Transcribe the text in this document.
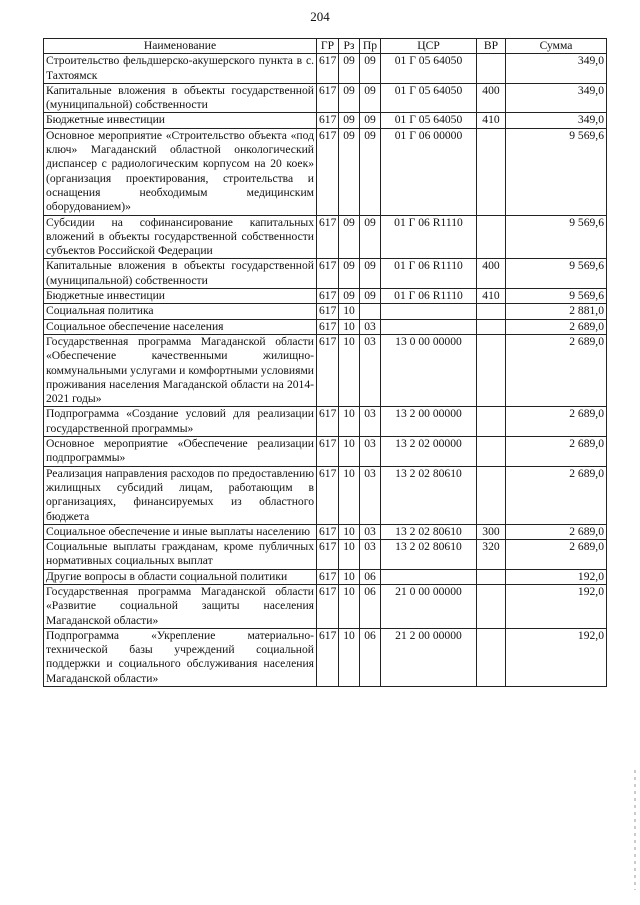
204
Наименование	ГР	Рз	Пр	ЦСР	ВР	Сумма
Строительство фельдшерско-акушерского пункта в с. Тахтоямск	617	09	09	01 Г 05 64050		349,0
Капитальные вложения в объекты государственной (муниципальной) собственности	617	09	09	01 Г 05 64050	400	349,0
Бюджетные инвестиции	617	09	09	01 Г 05 64050	410	349,0
Основное мероприятие «Строительство объекта «под ключ» Магаданский областной онкологический диспансер с радиологическим корпусом на 20 коек» (организация проектирования, строительства и оснащения необходимым медицинским оборудованием)»	617	09	09	01 Г 06 00000		9 569,6
Субсидии на софинансирование капитальных вложений в объекты государственной собственности субъектов Российской Федерации	617	09	09	01 Г 06 R1110		9 569,6
Капитальные вложения в объекты государственной (муниципальной) собственности	617	09	09	01 Г 06 R1110	400	9 569,6
Бюджетные инвестиции	617	09	09	01 Г 06 R1110	410	9 569,6
Социальная политика	617	10				2 881,0
Социальное обеспечение населения	617	10	03			2 689,0
Государственная программа Магаданской области «Обеспечение качественными жилищно-коммунальными услугами и комфортными условиями проживания населения Магаданской области на 2014-2021 годы»	617	10	03	13 0 00 00000		2 689,0
Подпрограмма «Создание условий для реализации государственной программы»	617	10	03	13 2 00 00000		2 689,0
Основное мероприятие «Обеспечение реализации подпрограммы»	617	10	03	13 2 02 00000		2 689,0
Реализация направления расходов по предоставлению жилищных субсидий лицам, работающим в организациях, финансируемых из областного бюджета	617	10	03	13 2 02 80610		2 689,0
Социальное обеспечение и иные выплаты населению	617	10	03	13 2 02 80610	300	2 689,0
Социальные выплаты гражданам, кроме публичных нормативных социальных выплат	617	10	03	13 2 02 80610	320	2 689,0
Другие вопросы в области социальной политики	617	10	06			192,0
Государственная программа Магаданской области «Развитие социальной защиты населения Магаданской области»	617	10	06	21 0 00 00000		192,0
Подпрограмма «Укрепление материально-технической базы учреждений социальной поддержки и социального обслуживания населения Магаданской области»	617	10	06	21 2 00 00000		192,0
